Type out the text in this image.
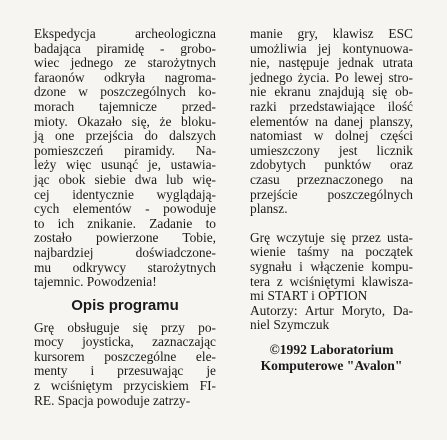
Ekspedycja archeologiczna
badająca piramidę - grobo-
wiec jednego ze starożytnych
faraonów odkryła nagroma-
dzone w poszczególnych ko-
morach tajemnicze przed-
mioty. Okazało się, że bloku-
ją one przejścia do dalszych
pomieszczeń piramidy. Na-
leży więc usunąć je, ustawia-
jąc obok siebie dwa lub wię-
cej identycznie wyglądają-
cych elementów - powoduje
to ich znikanie. Zadanie to
zostało powierzone Tobie,
najbardziej doświadczone-
mu odkrywcy starożytnych
tajemnic. Powodzenia!
Opis programu
Grę obsługuje się przy po-
mocy joysticka, zaznaczając
kursorem poszczególne ele-
menty i przesuwając je
z wciśniętym przyciskiem FI-
RE. Spacja powoduje zatrzy-
manie gry, klawisz ESC
umożliwia jej kontynuowa-
nie, następuje jednak utrata
jednego życia. Po lewej stro-
nie ekranu znajdują się ob-
razki przedstawiające ilość
elementów na danej planszy,
natomiast w dolnej części
umieszczony jest licznik
zdobytych punktów oraz
czasu przeznaczonego na
przejście poszczególnych
plansz.
Grę wczytuje się przez usta-
wienie taśmy na początek
sygnału i włączenie kompu-
tera z wciśniętymi klawisza-
mi START i OPTION
Autorzy: Artur Moryto, Da-
niel Szymczuk
©1992 Laboratorium
Komputerowe "Avalon"
